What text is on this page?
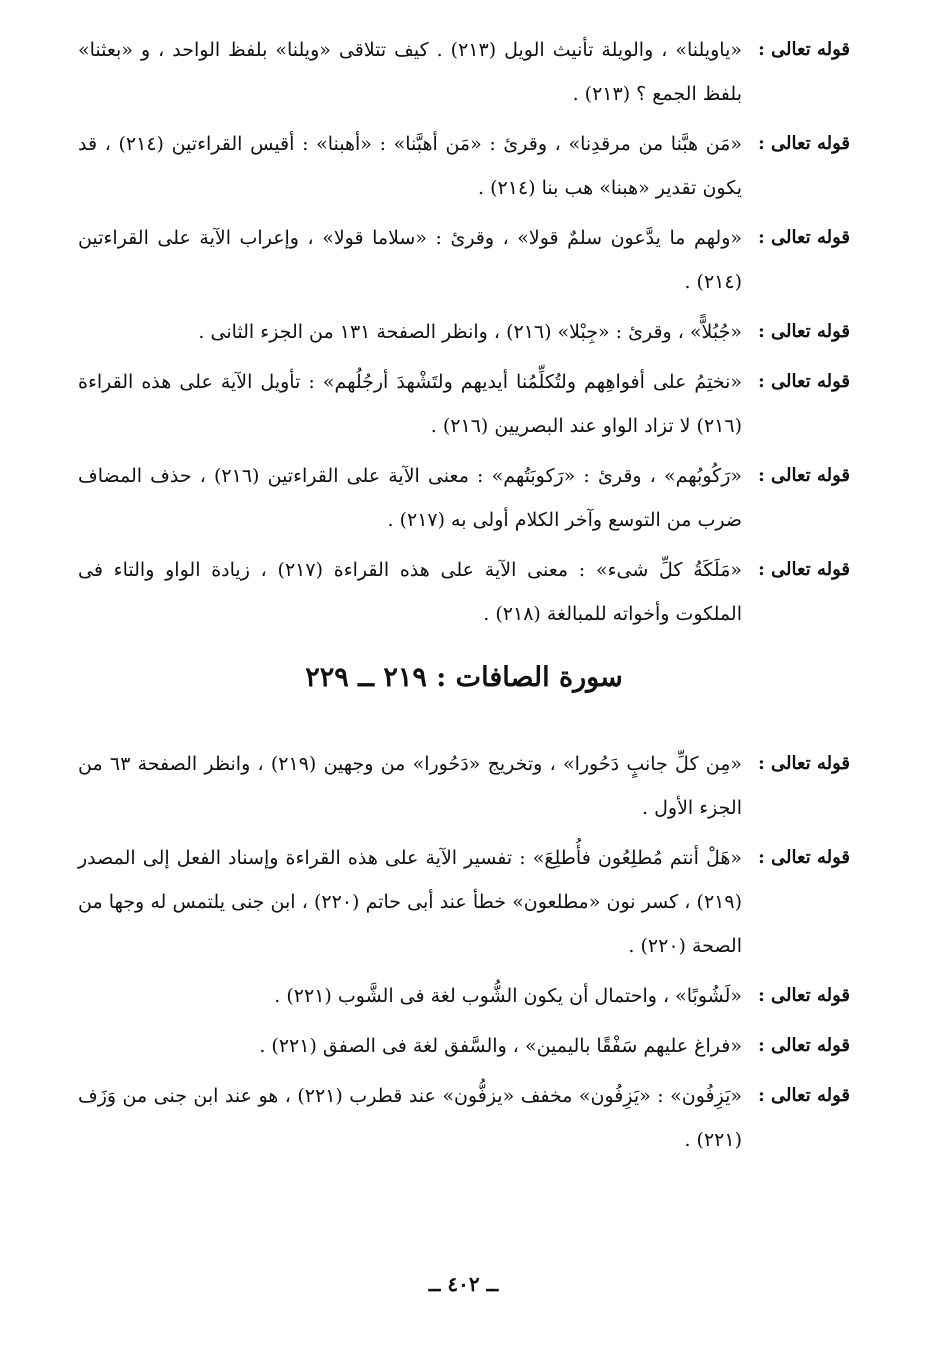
قوله تعالى :
«ياويلنا» ، والويلة تأنيث الويل (٢١٣) . كيف تتلاقى «ويلنا» بلفظ الواحد ، و «بعثنا» بلفظ الجمع ؟ (٢١٣) .
قوله تعالى :
«مَن هبَّنا من مرقدِنا» ، وقرئ : «مَن أهبَّنا» : «أهبنا» : أقيس القراءتين (٢١٤) ، قد يكون تقدير «هبنا» هب بنا (٢١٤) .
قوله تعالى :
«ولهم ما يدَّعون سلمٌ قولا» ، وقرئ : «سلاما قولا» ، وإعراب الآية على القراءتين (٢١٤) .
قوله تعالى :
«جُبُلاًّ» ، وقرئ : «جِبْلا» (٢١٦) ، وانظر الصفحة ١٣١ من الجزء الثانى .
قوله تعالى :
«نختِمُ على أفواهِهم ولتُكلِّمُنا أيديهم ولتَشْهدَ أرجُلُهم» : تأويل الآية على هذه القراءة (٢١٦) لا تزاد الواو عند البصريين (٢١٦) .
قوله تعالى :
«رَكُوبُهم» ، وقرئ : «رَكوبَتُهم» : معنى الآية على القراءتين (٢١٦) ، حذف المضاف ضرب من التوسع وآخر الكلام أولى به (٢١٧) .
قوله تعالى :
«مَلَكَةُ كلِّ شىء» : معنى الآية على هذه القراءة (٢١٧) ، زيادة الواو والتاء فى الملكوت وأخواته للمبالغة (٢١٨) .
سورة الصافات : ٢١٩ ــ ٢٢٩
قوله تعالى :
«مِن كلِّ جانبٍ دَحُورا» ، وتخريج «دَحُورا» من وجهين (٢١٩) ، وانظر الصفحة ٦٣ من الجزء الأول .
قوله تعالى :
«هَلْ أنتم مُطلِعُون فأُطلِعَ» : تفسير الآية على هذه القراءة وإسناد الفعل إلى المصدر (٢١٩) ، كسر نون «مطلعون» خطأ عند أبى حاتم (٢٢٠) ، ابن جنى يلتمس له وجها من الصحة (٢٢٠) .
قوله تعالى :
«لَشُوبًا» ، واحتمال أن يكون الشُّوب لغة فى الشَّوب (٢٢١) .
قوله تعالى :
«فراغ عليهم سَفْقًا باليمين» ، والسَّفق لغة فى الصفق (٢٢١) .
قوله تعالى :
«يَزِفُون» : «يَزِفُون» مخفف «يزفُّون» عند قطرب (٢٢١) ، هو عند ابن جنى من وَزَف (٢٢١) .
ــ ٤٠٢ ــ
